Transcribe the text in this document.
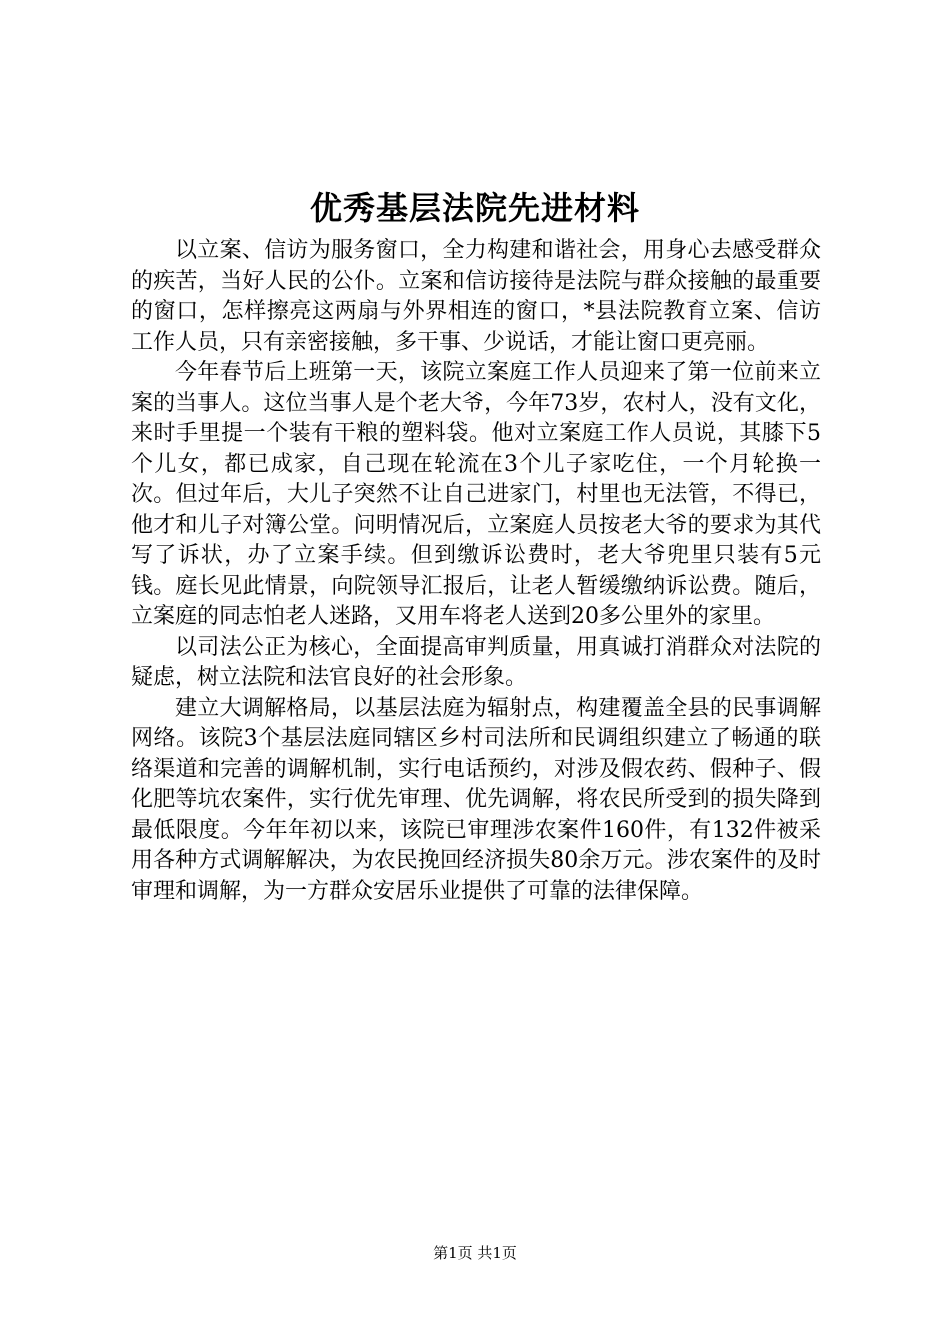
优秀基层法院先进材料

以立案、信访为服务窗口，全力构建和谐社会，用身心去感受群众的疾苦，当好人民的公仆。立案和信访接待是法院与群众接触的最重要的窗口，怎样擦亮这两扇与外界相连的窗口，*县法院教育立案、信访工作人员，只有亲密接触，多干事、少说话，才能让窗口更亮丽。

今年春节后上班第一天，该院立案庭工作人员迎来了第一位前来立案的当事人。这位当事人是个老大爷，今年73岁，农村人，没有文化，来时手里提一个装有干粮的塑料袋。他对立案庭工作人员说，其膝下5个儿女，都已成家，自己现在轮流在3个儿子家吃住，一个月轮换一次。但过年后，大儿子突然不让自己进家门，村里也无法管，不得已，他才和儿子对簿公堂。问明情况后，立案庭人员按老大爷的要求为其代写了诉状，办了立案手续。但到缴诉讼费时，老大爷兜里只装有5元钱。庭长见此情景，向院领导汇报后，让老人暂缓缴纳诉讼费。随后，立案庭的同志怕老人迷路，又用车将老人送到20多公里外的家里。

以司法公正为核心，全面提高审判质量，用真诚打消群众对法院的疑虑，树立法院和法官良好的社会形象。

建立大调解格局，以基层法庭为辐射点，构建覆盖全县的民事调解网络。该院3个基层法庭同辖区乡村司法所和民调组织建立了畅通的联络渠道和完善的调解机制，实行电话预约，对涉及假农药、假种子、假化肥等坑农案件，实行优先审理、优先调解，将农民所受到的损失降到最低限度。今年年初以来，该院已审理涉农案件160件，有132件被采用各种方式调解解决，为农民挽回经济损失80余万元。涉农案件的及时审理和调解，为一方群众安居乐业提供了可靠的法律保障。

第1页 共1页
